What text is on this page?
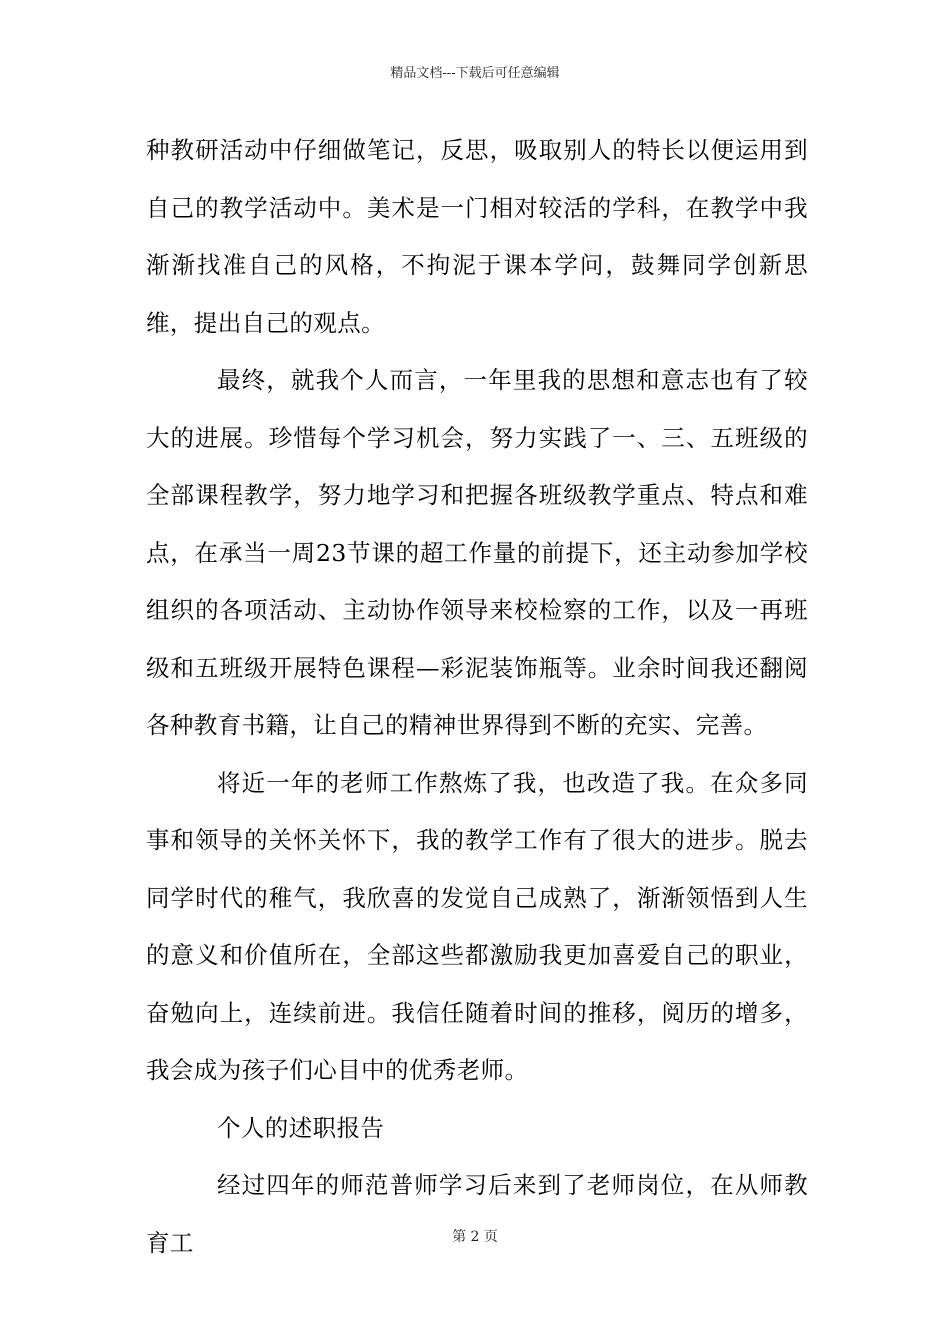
精品文档---下载后可任意编辑

种教研活动中仔细做笔记，反思，吸取别人的特长以便运用到自己的教学活动中。美术是一门相对较活的学科，在教学中我渐渐找准自己的风格，不拘泥于课本学问，鼓舞同学创新思维，提出自己的观点。

最终，就我个人而言，一年里我的思想和意志也有了较大的进展。珍惜每个学习机会，努力实践了一、三、五班级的全部课程教学，努力地学习和把握各班级教学重点、特点和难点，在承当一周23节课的超工作量的前提下，还主动参加学校组织的各项活动、主动协作领导来校检察的工作，以及一再班级和五班级开展特色课程—彩泥装饰瓶等。业余时间我还翻阅各种教育书籍，让自己的精神世界得到不断的充实、完善。

将近一年的老师工作熬炼了我，也改造了我。在众多同事和领导的关怀关怀下，我的教学工作有了很大的进步。脱去同学时代的稚气，我欣喜的发觉自己成熟了，渐渐领悟到人生的意义和价值所在，全部这些都激励我更加喜爱自己的职业，奋勉向上，连续前进。我信任随着时间的推移，阅历的增多，我会成为孩子们心目中的优秀老师。

个人的述职报告

经过四年的师范普师学习后来到了老师岗位，在从师教育工	第 2 页
